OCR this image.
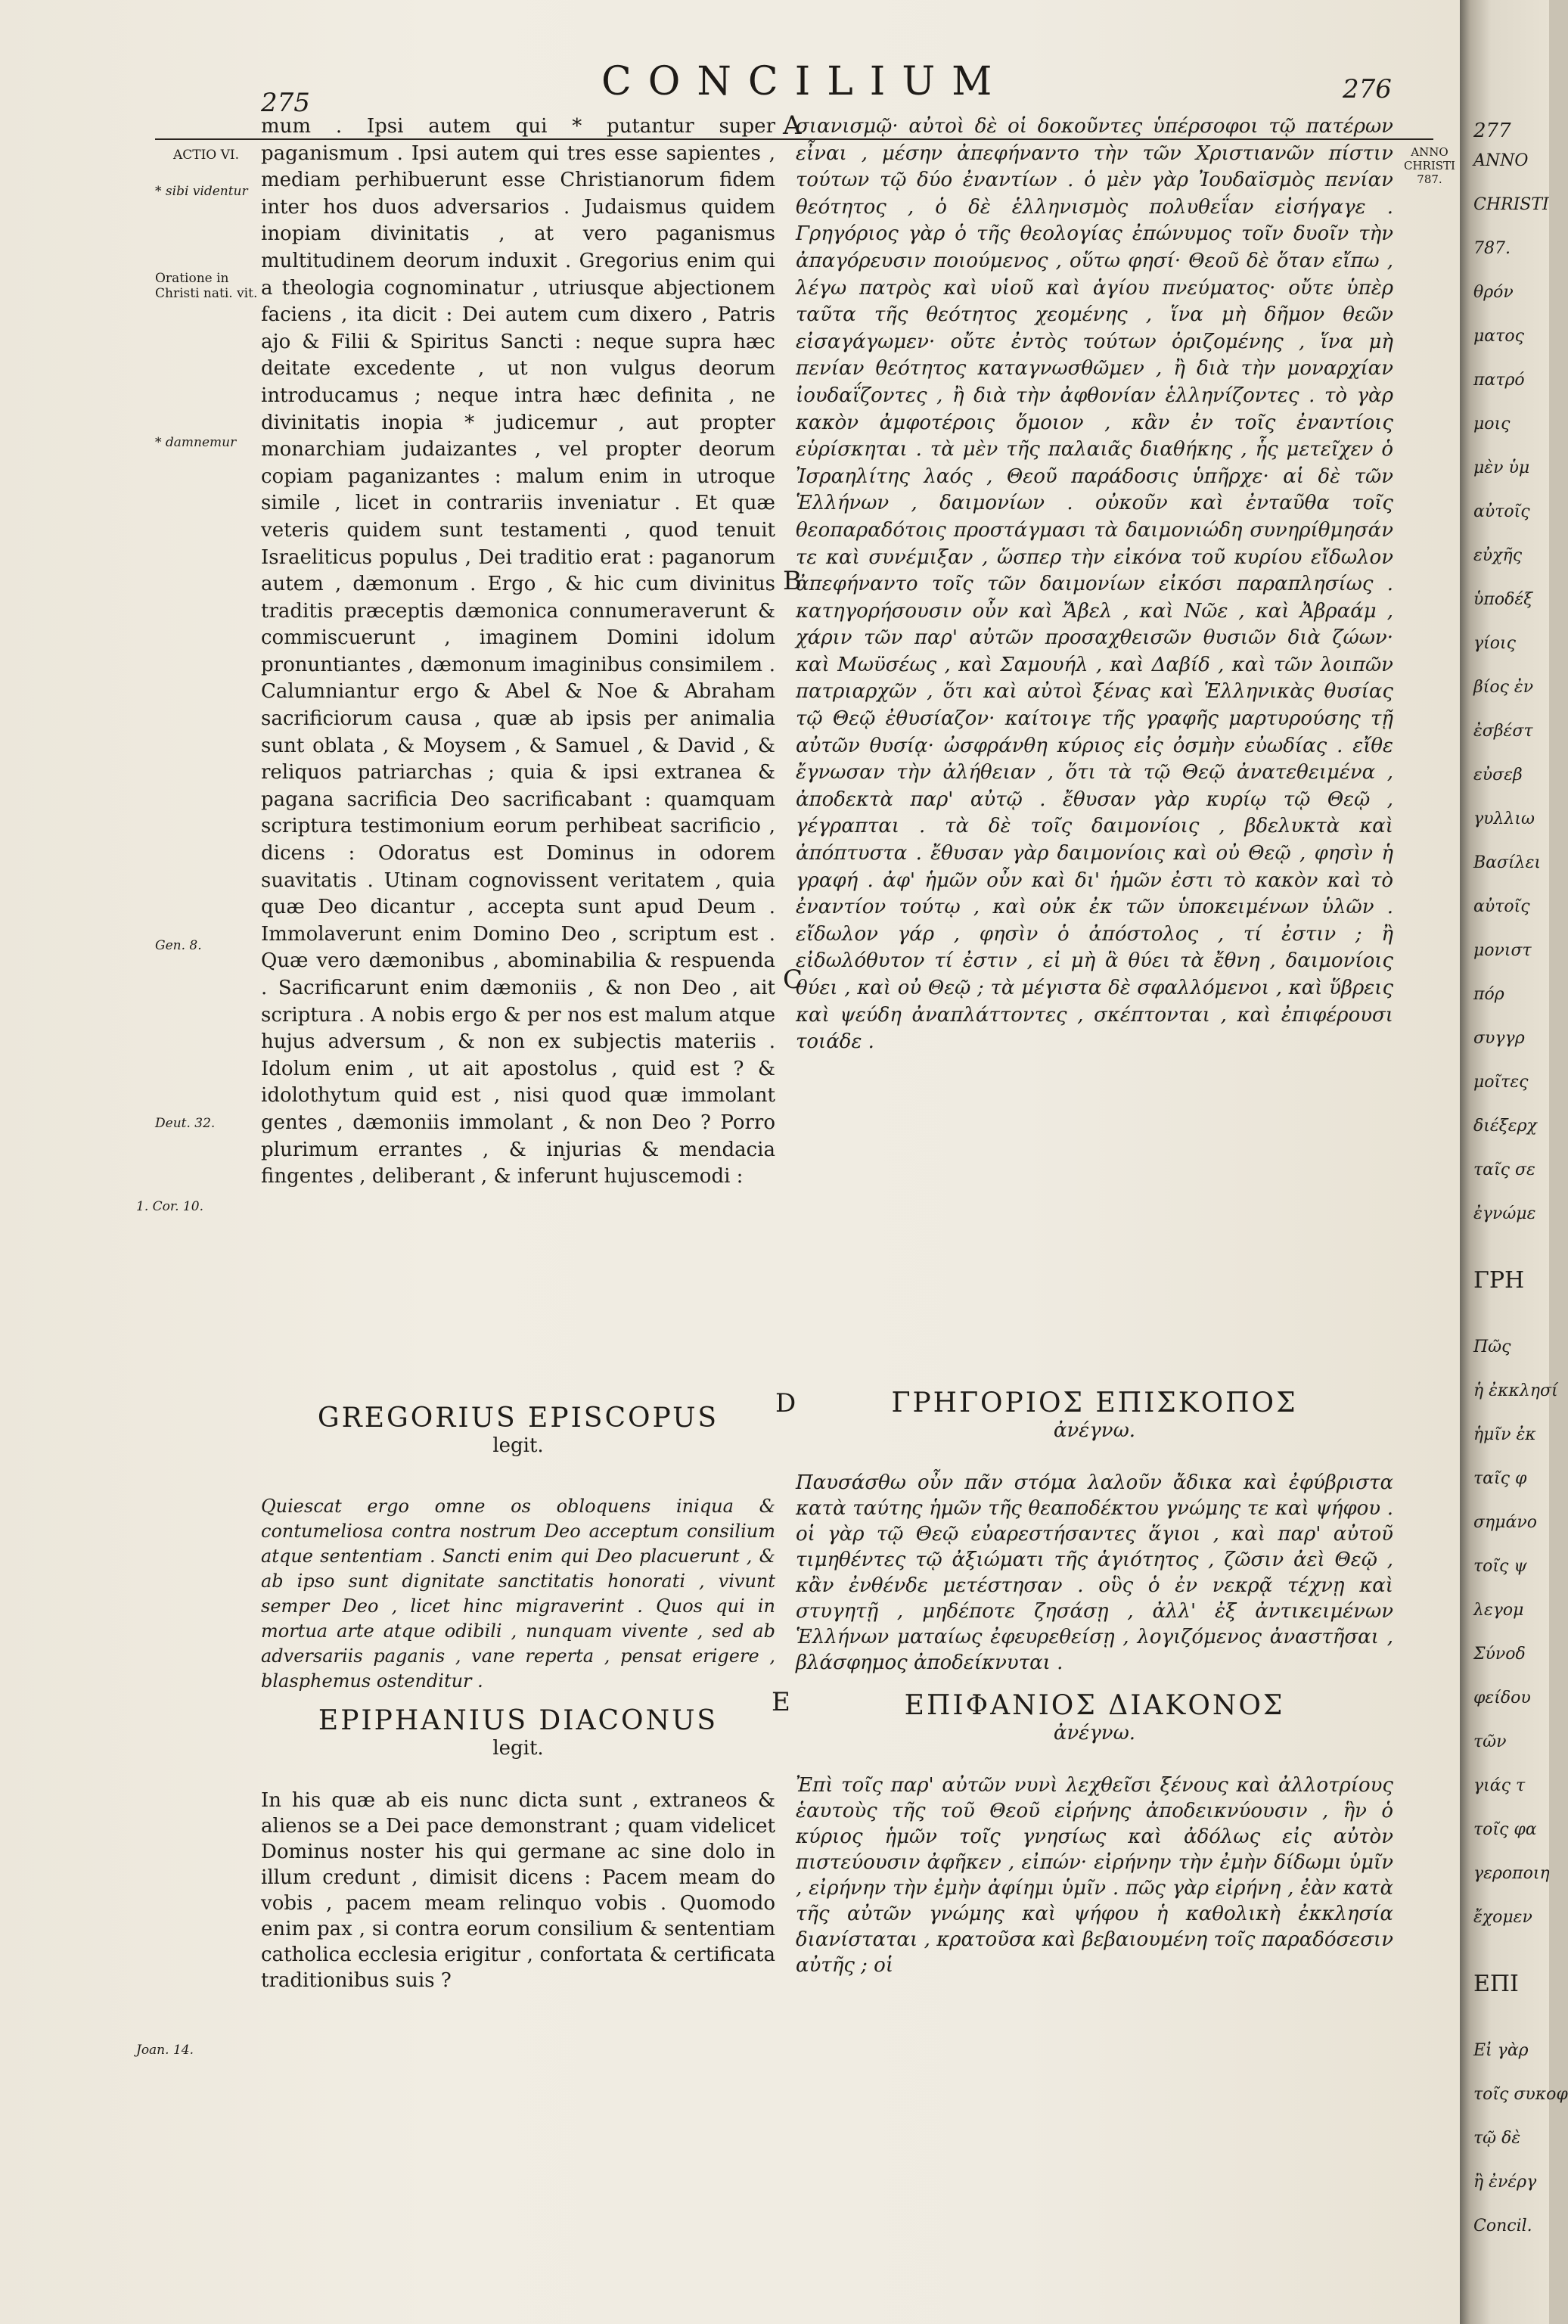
275	CONCILIUM	276
ACTIO VI.
* sibi videntur
Oratione in Christi nati. vit.
* damnemur
Gen. 8.
Deut. 32.
1. Cor. 10.
Joan. 14.
ANNO CHRISTI 787.
A
B
C
D
E

mum . Ipsi autem qui * putantur super paganismum . Ipsi autem qui tres esse sapientes , mediam perhibuerunt esse Christianorum fidem inter hos duos adversarios . Judaismus quidem inopiam divinitatis , at vero paganismus multitudinem deorum induxit . Gregorius enim qui a theologia cognominatur , utriusque abjectionem faciens , ita dicit : Dei autem cum dixero , Patris ajo & Filii & Spiritus Sancti : neque supra hæc deitate excedente , ut non vulgus deorum introducamus ; neque intra hæc definita , ne divinitatis inopia * judicemur , aut propter monarchiam judaizantes , vel propter deorum copiam paganizantes : malum enim in utroque simile , licet in contrariis inveniatur . Et quæ veteris quidem sunt testamenti , quod tenuit Israeliticus populus , Dei traditio erat : paganorum autem , dæmonum . Ergo , & hic cum divinitus traditis præceptis dæmonica connumeraverunt & commiscuerunt , imaginem Domini idolum pronuntiantes , dæmonum imaginibus consimilem . Calumniantur ergo & Abel & Noe & Abraham sacrificiorum causa , quæ ab ipsis per animalia sunt oblata , & Moysem , & Samuel , & David , & reliquos patriarchas ; quia & ipsi extranea & pagana sacrificia Deo sacrificabant : quamquam scriptura testimonium eorum perhibeat sacrificio , dicens : Odoratus est Dominus in odorem suavitatis . Utinam cognovissent veritatem , quia quæ Deo dicantur , accepta sunt apud Deum . Immolaverunt enim Domino Deo , scriptum est . Quæ vero dæmonibus , abominabilia & respuenda . Sacrificarunt enim dæmoniis , & non Deo , ait scriptura . A nobis ergo & per nos est malum atque hujus adversum , & non ex subjectis materiis . Idolum enim , ut ait apostolus , quid est ? & idolothytum quid est , nisi quod quæ immolant gentes , dæmoniis immolant , & non Deo ? Porro plurimum errantes , & injurias & mendacia fingentes , deliberant , & inferunt hujuscemodi :

σιανισμῷ· αὐτοὶ δὲ οἱ δοκοῦντες ὑπέρσοφοι τῷ πατέρων εἶναι , μέσην ἀπεφήναντο τὴν τῶν Χριστιανῶν πίστιν τούτων τῷ δύο ἐναντίων . ὁ μὲν γὰρ Ἰουδαϊσμὸς πενίαν θεότητος , ὁ δὲ ἑλληνισμὸς πολυθεΐαν εἰσήγαγε . Γρηγόριος γὰρ ὁ τῆς θεολογίας ἐπώνυμος τοῖν δυοῖν τὴν ἀπαγόρευσιν ποιούμενος , οὕτω φησί· Θεοῦ δὲ ὅταν εἴπω , λέγω πατρὸς καὶ υἱοῦ καὶ ἁγίου πνεύματος· οὔτε ὑπὲρ ταῦτα τῆς θεότητος χεομένης , ἵνα μὴ δῆμον θεῶν εἰσαγάγωμεν· οὔτε ἐντὸς τούτων ὁριζομένης , ἵνα μὴ πενίαν θεότητος καταγνωσθῶμεν , ἢ διὰ τὴν μοναρχίαν ἰουδαΐζοντες , ἢ διὰ τὴν ἀφθονίαν ἑλληνίζοντες . τὸ γὰρ κακὸν ἀμφοτέροις ὅμοιον , κἂν ἐν τοῖς ἐναντίοις εὑρίσκηται . τὰ μὲν τῆς παλαιᾶς διαθήκης , ἧς μετεῖχεν ὁ Ἰσραηλίτης λαός , Θεοῦ παράδοσις ὑπῆρχε· αἱ δὲ τῶν Ἑλλήνων , δαιμονίων . οὐκοῦν καὶ ἐνταῦθα τοῖς θεοπαραδότοις προστάγμασι τὰ δαιμονιώδη συνηρίθμησάν τε καὶ συνέμιξαν , ὥσπερ τὴν εἰκόνα τοῦ κυρίου εἴδωλον ἀπεφήναντο τοῖς τῶν δαιμονίων εἰκόσι παραπλησίως . κατηγορήσουσιν οὖν καὶ Ἄβελ , καὶ Νῶε , καὶ Ἀβραάμ , χάριν τῶν παρ' αὐτῶν προσαχθεισῶν θυσιῶν διὰ ζώων· καὶ Μωϋσέως , καὶ Σαμουήλ , καὶ Δαβίδ , καὶ τῶν λοιπῶν πατριαρχῶν , ὅτι καὶ αὐτοὶ ξένας καὶ Ἑλληνικὰς θυσίας τῷ Θεῷ ἐθυσίαζον· καίτοιγε τῆς γραφῆς μαρτυρούσης τῇ αὐτῶν θυσίᾳ· ὠσφράνθη κύριος εἰς ὀσμὴν εὐωδίας . εἴθε ἔγνωσαν τὴν ἀλήθειαν , ὅτι τὰ τῷ Θεῷ ἀνατεθειμένα , ἀποδεκτὰ παρ' αὐτῷ . ἔθυσαν γὰρ κυρίῳ τῷ Θεῷ , γέγραπται . τὰ δὲ τοῖς δαιμονίοις , βδελυκτὰ καὶ ἀπόπτυστα . ἔθυσαν γὰρ δαιμονίοις καὶ οὐ Θεῷ , φησὶν ἡ γραφή . ἀφ' ἡμῶν οὖν καὶ δι' ἡμῶν ἐστι τὸ κακὸν καὶ τὸ ἐναντίον τούτῳ , καὶ οὐκ ἐκ τῶν ὑποκειμένων ὑλῶν . εἴδωλον γάρ , φησὶν ὁ ἀπόστολος , τί ἐστιν ; ἢ εἰδωλόθυτον τί ἐστιν , εἰ μὴ ἃ θύει τὰ ἔθνη , δαιμονίοις θύει , καὶ οὐ Θεῷ ; τὰ μέγιστα δὲ σφαλλόμενοι , καὶ ὕβρεις καὶ ψεύδη ἀναπλάττοντες , σκέπτονται , καὶ ἐπιφέρουσι τοιάδε .

GREGORIUS EPISCOPUS
legit.
Quiescat ergo omne os obloquens iniqua & contumeliosa contra nostrum Deo acceptum consilium atque sententiam . Sancti enim qui Deo placuerunt , & ab ipso sunt dignitate sanctitatis honorati , vivunt semper Deo , licet hinc migraverint . Quos qui in mortua arte atque odibili , nunquam vivente , sed ab adversariis paganis , vane reperta , pensat erigere , blasphemus ostenditur .
ΓΡΗΓΟΡΙΟΣ ΕΠΙΣΚΟΠΟΣ
ἀνέγνω.
Παυσάσθω οὖν πᾶν στόμα λαλοῦν ἄδικα καὶ ἐφύβριστα κατὰ ταύτης ἡμῶν τῆς θεαποδέκτου γνώμης τε καὶ ψήφου . οἱ γὰρ τῷ Θεῷ εὐαρεστήσαντες ἅγιοι , καὶ παρ' αὐτοῦ τιμηθέντες τῷ ἀξιώματι τῆς ἁγιότητος , ζῶσιν ἀεὶ Θεῷ , κἂν ἐνθένδε μετέστησαν . οὓς ὁ ἐν νεκρᾷ τέχνῃ καὶ στυγητῇ , μηδέποτε ζησάσῃ , ἀλλ' ἐξ ἀντικειμένων Ἑλλήνων ματαίως ἐφευρεθείσῃ , λογιζόμενος ἀναστῆσαι , βλάσφημος ἀποδείκνυται .
EPIPHANIUS DIACONUS
legit.
In his quæ ab eis nunc dicta sunt , extraneos & alienos se a Dei pace demonstrant ; quam videlicet Dominus noster his qui germane ac sine dolo in illum credunt , dimisit dicens : Pacem meam do vobis , pacem meam relinquo vobis . Quomodo enim pax , si contra eorum consilium & sententiam catholica ecclesia erigitur , confortata & certificata traditionibus suis ?
ΕΠΙΦΑΝΙΟΣ ΔΙΑΚΟΝΟΣ
ἀνέγνω.
Ἐπὶ τοῖς παρ' αὐτῶν νυνὶ λεχθεῖσι ξένους καὶ ἀλλοτρίους ἑαυτοὺς τῆς τοῦ Θεοῦ εἰρήνης ἀποδεικνύουσιν , ἣν ὁ κύριος ἡμῶν τοῖς γνησίως καὶ ἀδόλως εἰς αὐτὸν πιστεύουσιν ἀφῆκεν , εἰπών· εἰρήνην τὴν ἐμὴν δίδωμι ὑμῖν , εἰρήνην τὴν ἐμὴν ἀφίημι ὑμῖν . πῶς γὰρ εἰρήνη , ἐὰν κατὰ τῆς αὐτῶν γνώμης καὶ ψήφου ἡ καθολικὴ ἐκκλησία διανίσταται , κρατοῦσα καὶ βεβαιουμένη τοῖς παραδόσεσιν αὐτῆς ; οἱ
277
ANNO
CHRISTI
787.
θρόν
ματος
πατρό
μοις
μὲν ὑμ
αὐτοῖς
εὐχῆς
ὑποδέξ
γίοις
βίος ἐν
ἐσβέστ
εὐσεβ
γυλλιω
Βασίλει
αὐτοῖς
μονιστ
πόρ
συγγρ
μοῖτες
διέξερχ
ταῖς σε
ἐγνώμε
ΓΡΗ
Πῶς
ἡ ἐκκλησί
ἡμῖν ἐκ
ταῖς φ
σημάνο
τοῖς ψ
λεγομ
Σύνοδ
φείδου
τῶν
γιάς τ
τοῖς φα
γεροποιη
ἔχομεν
ΕΠΙ
Εἰ γὰρ
τοῖς συκοφ
τῷ δὲ
ἢ ἐνέργ
Concil.
